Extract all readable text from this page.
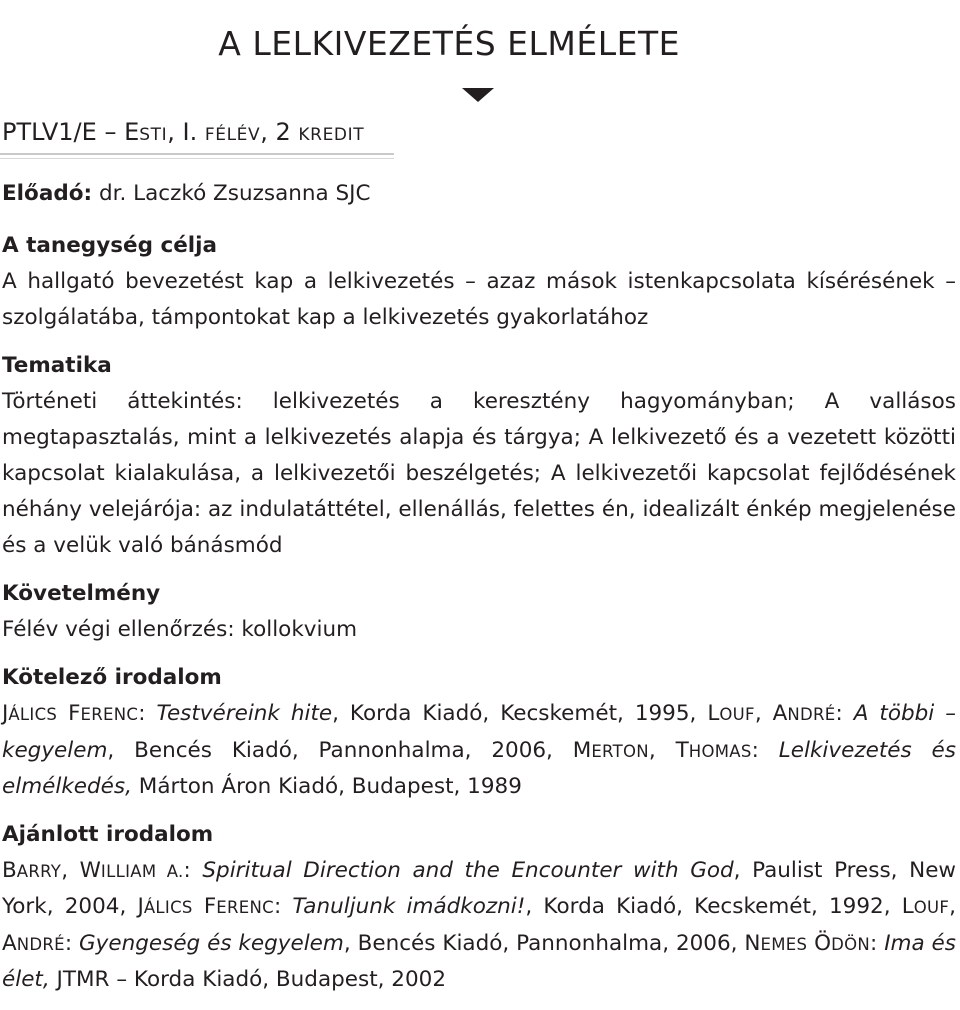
A LELKIVEZETÉS ELMÉLETE
PTLV1/E – ESTI, I. FÉLÉV, 2 KREDIT

Előadó: dr. Laczkó Zsuzsanna SJC

A tanegység célja

A hallgató bevezetést kap a lelkivezetés – azaz mások istenkapcsolata kísérésének – szolgálatába, támpontokat kap a lelkivezetés gyakorlatához

Tematika

Történeti áttekintés: lelkivezetés a keresztény hagyományban; A vallásos megtapasztalás, mint a lelkivezetés alapja és tárgya; A lelkivezető és a vezetett közötti kapcsolat kialakulása, a lelkivezetői beszélgetés; A lelkivezetői kapcsolat fejlődésének néhány velejárója: az indulatáttétel, ellenállás, felettes én, idealizált énkép megjelenése és a velük való bánásmód

Követelmény

Félév végi ellenőrzés: kollokvium

Kötelező irodalom

JÁLICS FERENC: Testvéreink hite, Korda Kiadó, Kecskemét, 1995, LOUF, ANDRÉ: A többi – kegyelem, Bencés Kiadó, Pannonhalma, 2006, MERTON, THOMAS: Lelkivezetés és elmélkedés, Márton Áron Kiadó, Budapest, 1989

Ajánlott irodalom

BARRY, WILLIAM A.: Spiritual Direction and the Encounter with God, Paulist Press, New York, 2004, JÁLICS FERENC: Tanuljunk imádkozni!, Korda Kiadó, Kecskemét, 1992, LOUF, ANDRÉ: Gyengeség és kegyelem, Bencés Kiadó, Pannonhalma, 2006, NEMES ÖDÖN: Ima és élet, JTMR – Korda Kiadó, Budapest, 2002
